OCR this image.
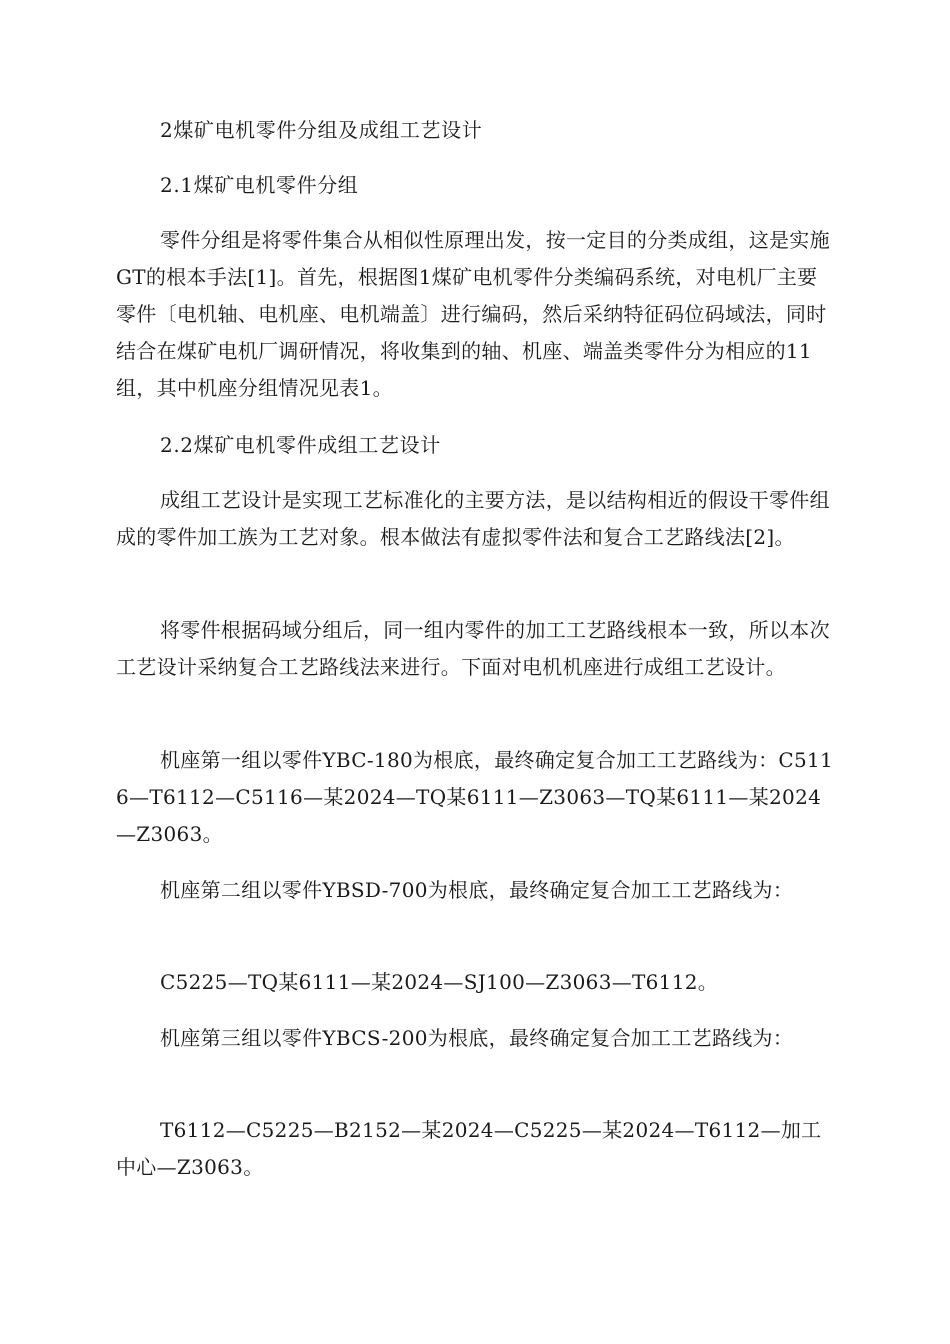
2煤矿电机零件分组及成组工艺设计

2.1煤矿电机零件分组

零件分组是将零件集合从相似性原理出发，按一定目的分类成组，这是实施GT的根本手法[1]。首先，根据图1煤矿电机零件分类编码系统，对电机厂主要零件〔电机轴、电机座、电机端盖〕进行编码，然后采纳特征码位码域法，同时结合在煤矿电机厂调研情况，将收集到的轴、机座、端盖类零件分为相应的11组，其中机座分组情况见表1。

2.2煤矿电机零件成组工艺设计

成组工艺设计是实现工艺标准化的主要方法，是以结构相近的假设干零件组成的零件加工族为工艺对象。根本做法有虚拟零件法和复合工艺路线法[2]。

将零件根据码域分组后，同一组内零件的加工工艺路线根本一致，所以本次工艺设计采纳复合工艺路线法来进行。下面对电机机座进行成组工艺设计。

机座第一组以零件YBC-180为根底，最终确定复合加工工艺路线为：C5116—T6112—C5116—某2024—TQ某6111—Z3063—TQ某6111—某2024—Z3063。

机座第二组以零件YBSD-700为根底，最终确定复合加工工艺路线为：

C5225—TQ某6111—某2024—SJ100—Z3063—T6112。

机座第三组以零件YBCS-200为根底，最终确定复合加工工艺路线为：

T6112—C5225—B2152—某2024—C5225—某2024—T6112—加工中心—Z3063。
